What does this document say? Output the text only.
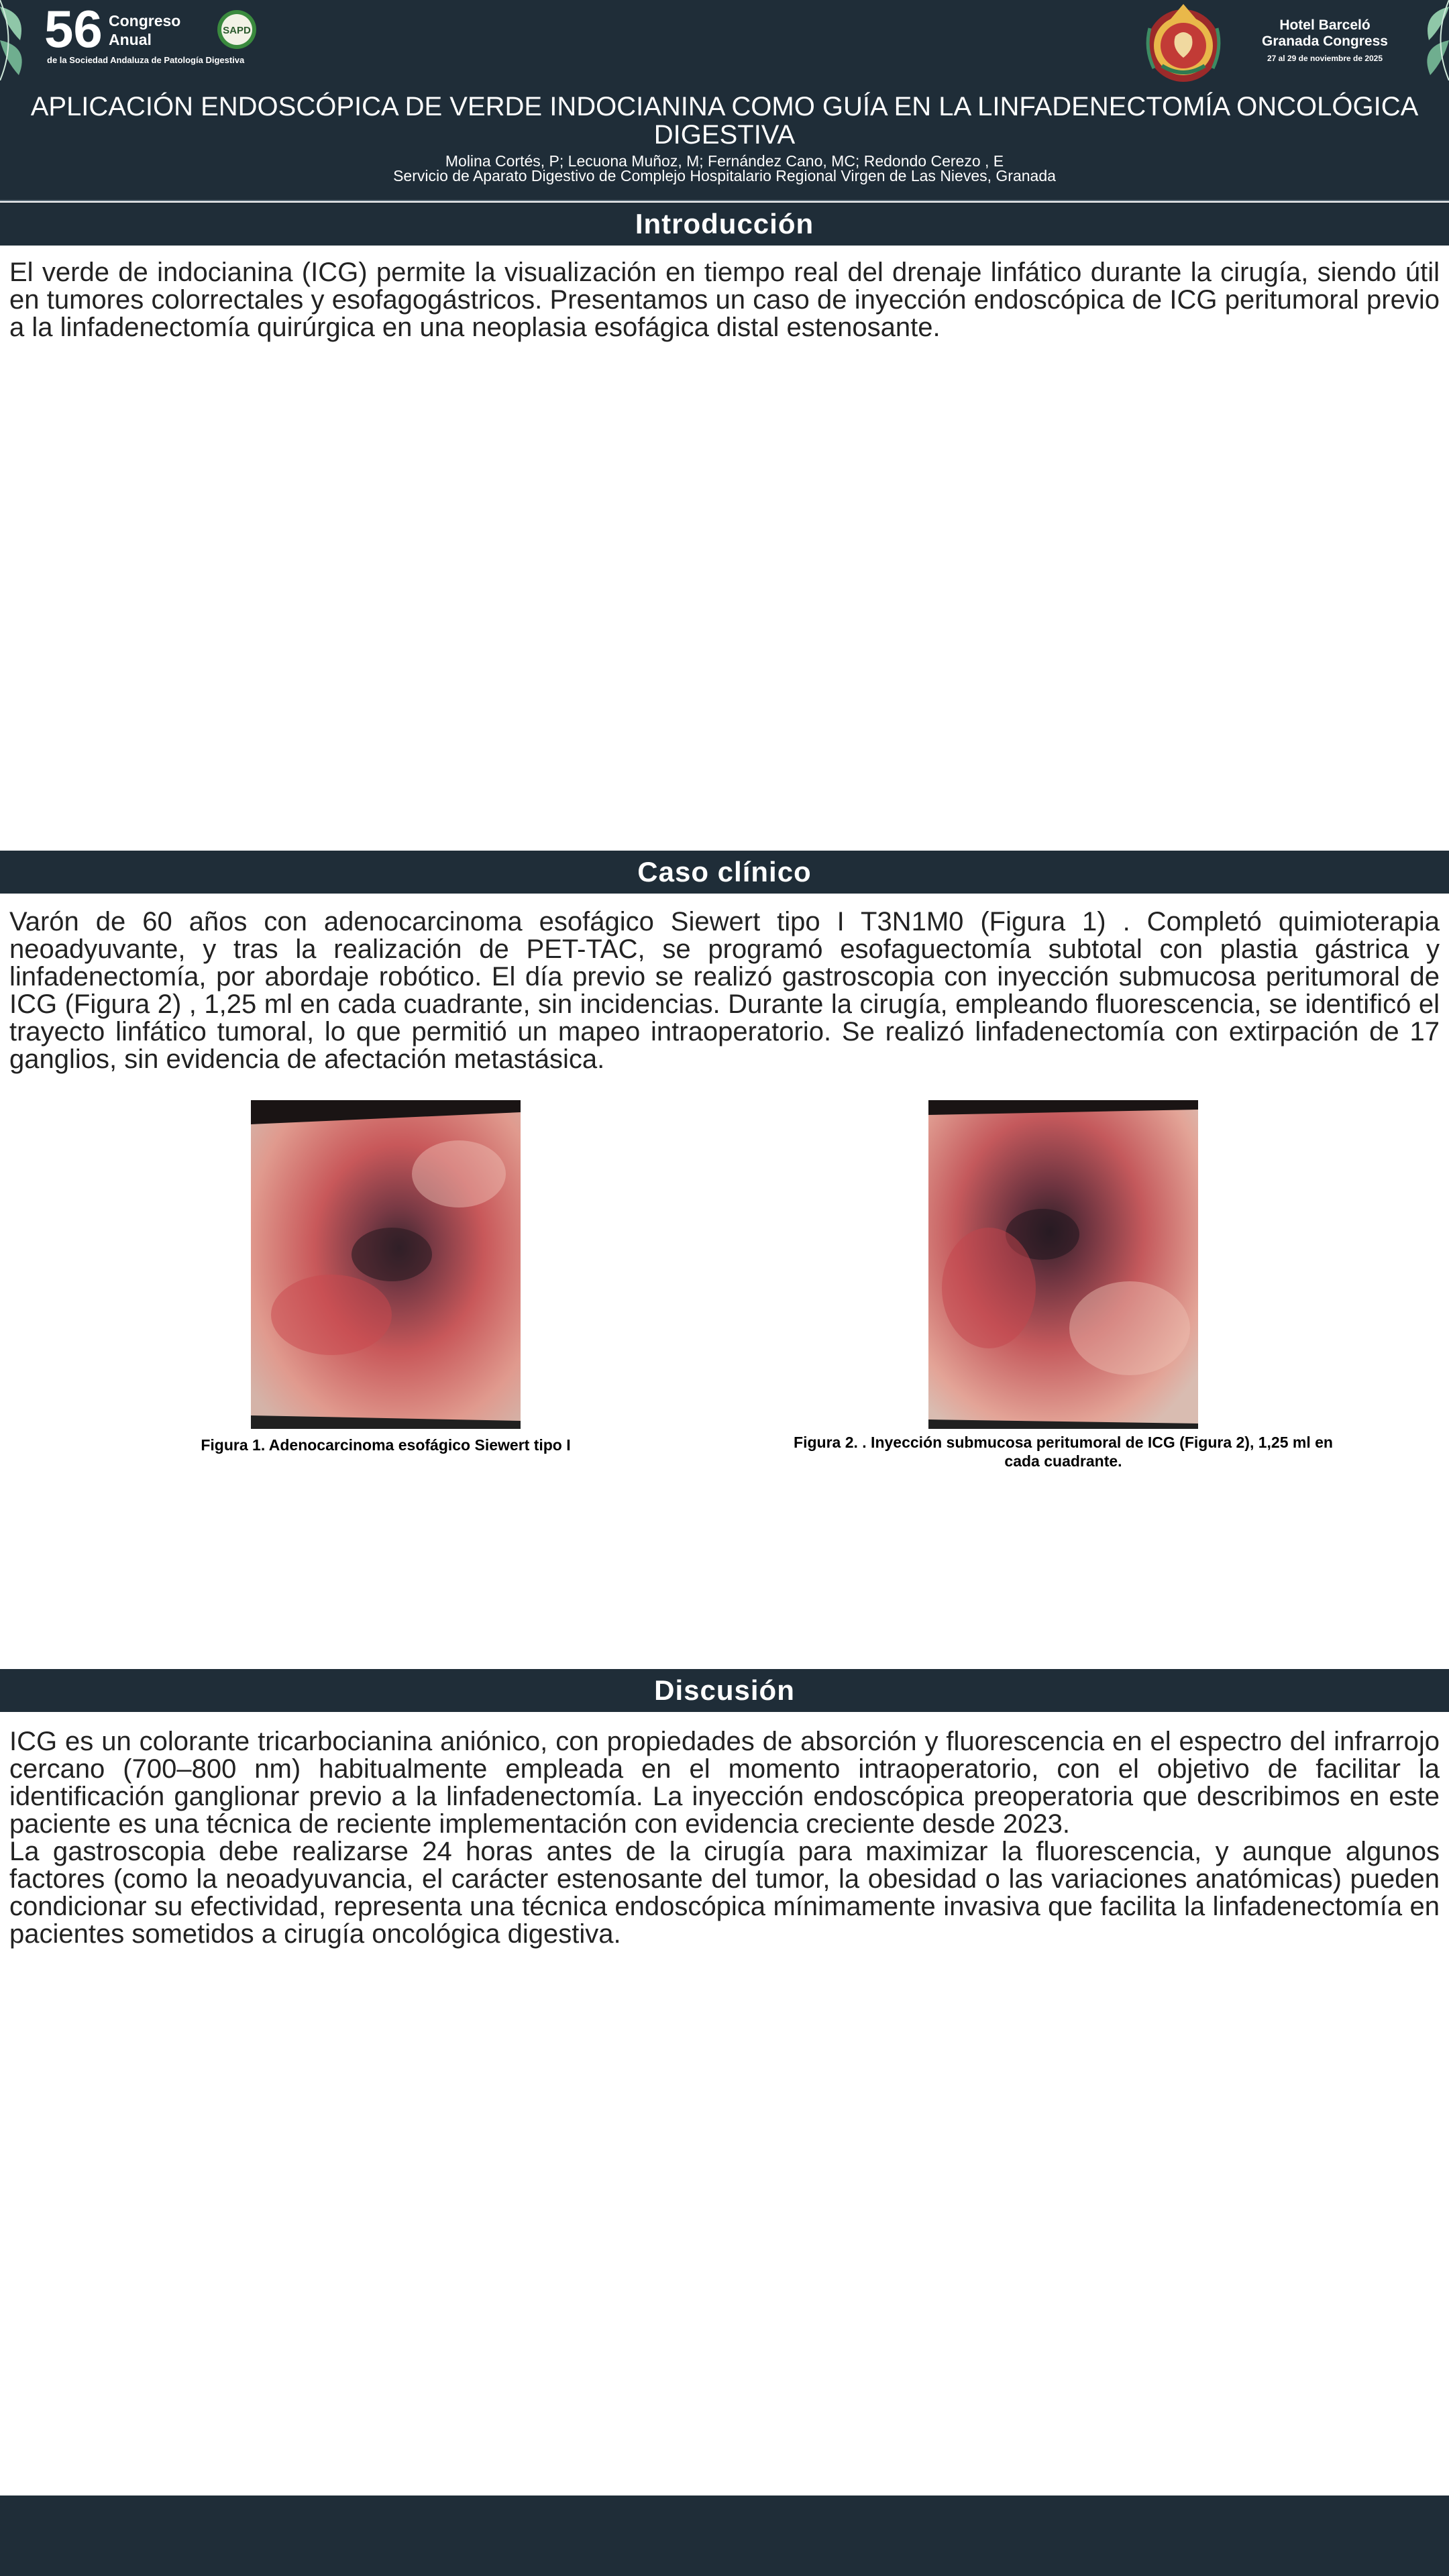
56 Congreso
Anual
de la Sociedad Andaluza de Patología Digestiva
SAPD	Hotel Barceló
Granada Congress
27 al 29 de noviembre de 2025
APLICACIÓN ENDOSCÓPICA DE VERDE INDOCIANINA COMO GUÍA EN LA LINFADENECTOMÍA ONCOLÓGICA DIGESTIVA
Molina Cortés, P; Lecuona Muñoz, M; Fernández Cano, MC; Redondo Cerezo , E
Servicio de Aparato Digestivo de Complejo Hospitalario Regional Virgen de Las Nieves, Granada
Introducción

El verde de indocianina (ICG) permite la visualización en tiempo real del drenaje linfático durante la cirugía, siendo útil en tumores colorrectales y esofagogástricos. Presentamos un caso de inyección endoscópica de ICG peritumoral previo a la linfadenectomía quirúrgica en una neoplasia esofágica distal estenosante.

Caso clínico

Varón de 60 años con adenocarcinoma esofágico Siewert tipo I T3N1M0 (Figura 1) . Completó quimioterapia neoadyuvante, y tras la realización de PET-TAC, se programó esofaguectomía subtotal con plastia gástrica y linfadenectomía, por abordaje robótico. El día previo se realizó gastroscopia con inyección submucosa peritumoral de ICG (Figura 2) , 1,25 ml en cada cuadrante, sin incidencias. Durante la cirugía, empleando fluorescencia, se identificó el trayecto linfático tumoral, lo que permitió un mapeo intraoperatorio. Se realizó linfadenectomía con extirpación de 17 ganglios, sin evidencia de afectación metastásica.

Figura 1. Adenocarcinoma esofágico Siewert tipo I	Figura 2. . Inyección submucosa peritumoral de ICG (Figura 2), 1,25 ml en cada cuadrante.
Discusión

ICG es un colorante tricarbocianina aniónico, con propiedades de absorción y fluorescencia en el espectro del infrarrojo cercano (700–800 nm) habitualmente empleada en el momento intraoperatorio, con el objetivo de facilitar la identificación ganglionar previo a la linfadenectomía. La inyección endoscópica preoperatoria que describimos en este paciente es una técnica de reciente implementación con evidencia creciente desde 2023.

La gastroscopia debe realizarse 24 horas antes de la cirugía para maximizar la fluorescencia, y aunque algunos factores (como la neoadyuvancia, el carácter estenosante del tumor, la obesidad o las variaciones anatómicas) pueden condicionar su efectividad, representa una técnica endoscópica mínimamente invasiva que facilita la linfadenectomía en pacientes sometidos a cirugía oncológica digestiva.
